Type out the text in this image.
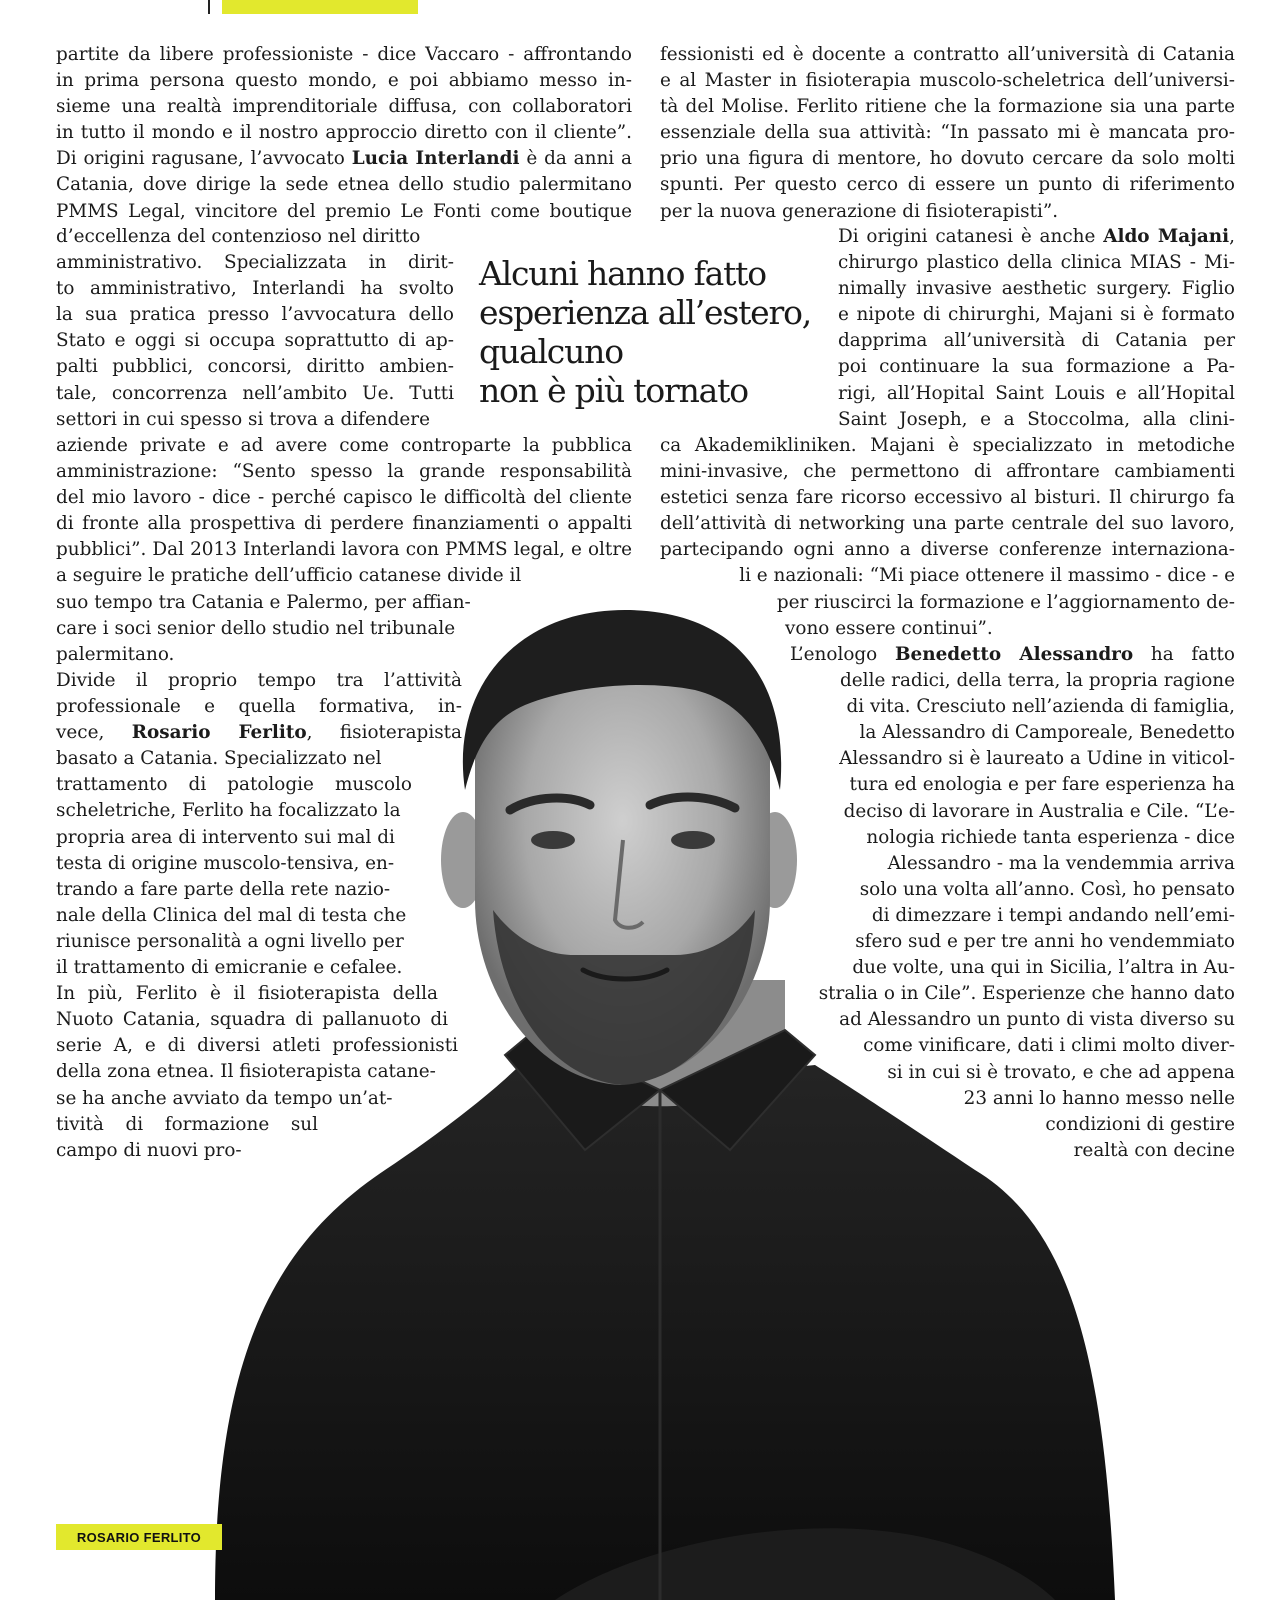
partite da libere professioniste - dice Vaccaro - affrontando
in prima persona questo mondo, e poi abbiamo messo in-
sieme una realtà imprenditoriale diffusa, con collaboratori
in tutto il mondo e il nostro approccio diretto con il cliente”.
Di origini ragusane, l’avvocato Lucia Interlandi è da anni a
Catania, dove dirige la sede etnea dello studio palermitano
PMMS Legal, vincitore del premio Le Fonti come boutique
d’eccellenza del contenzioso nel diritto
amministrativo. Specializzata in dirit-
to amministrativo, Interlandi ha svolto
la sua pratica presso l’avvocatura dello
Stato e oggi si occupa soprattutto di ap-
palti pubblici, concorsi, diritto ambien-
tale, concorrenza nell’ambito Ue. Tutti
settori in cui spesso si trova a difendere
aziende private e ad avere come controparte la pubblica
amministrazione: “Sento spesso la grande responsabilità
del mio lavoro - dice - perché capisco le difficoltà del cliente
di fronte alla prospettiva di perdere finanziamenti o appalti
pubblici”. Dal 2013 Interlandi lavora con PMMS legal, e oltre
a seguire le pratiche dell’ufficio catanese divide il
suo tempo tra Catania e Palermo, per affian-
care i soci senior dello studio nel tribunale
palermitano.
Divide il proprio tempo tra l’attività
professionale e quella formativa, in-
vece, Rosario Ferlito, fisioterapista
basato a Catania. Specializzato nel
trattamento di patologie muscolo
scheletriche, Ferlito ha focalizzato la
propria area di intervento sui mal di
testa di origine muscolo-tensiva, en-
trando a fare parte della rete nazio-
nale della Clinica del mal di testa che
riunisce personalità a ogni livello per
il trattamento di emicranie e cefalee.
In più, Ferlito è il fisioterapista della
Nuoto Catania, squadra di pallanuoto di
serie A, e di diversi atleti professionisti
della zona etnea. Il fisioterapista catane-
se ha anche avviato da tempo un’at-
tività di formazione sul
campo di nuovi pro-
fessionisti ed è docente a contratto all’università di Catania
e al Master in fisioterapia muscolo-scheletrica dell’universi-
tà del Molise. Ferlito ritiene che la formazione sia una parte
essenziale della sua attività: “In passato mi è mancata pro-
prio una figura di mentore, ho dovuto cercare da solo molti
spunti. Per questo cerco di essere un punto di riferimento
per la nuova generazione di fisioterapisti”.
Di origini catanesi è anche Aldo Majani,
chirurgo plastico della clinica MIAS - Mi-
nimally invasive aesthetic surgery. Figlio
e nipote di chirurghi, Majani si è formato
dapprima all’università di Catania per
poi continuare la sua formazione a Pa-
rigi, all’Hopital Saint Louis e all’Hopital
Saint Joseph, e a Stoccolma, alla clini-
ca Akademikliniken. Majani è specializzato in metodiche
mini-invasive, che permettono di affrontare cambiamenti
estetici senza fare ricorso eccessivo al bisturi. Il chirurgo fa
dell’attività di networking una parte centrale del suo lavoro,
partecipando ogni anno a diverse conferenze internaziona-
li e nazionali: “Mi piace ottenere il massimo - dice - e
per riuscirci la formazione e l’aggiornamento de-
vono essere continui”.
L’enologo Benedetto Alessandro ha fatto
delle radici, della terra, la propria ragione
di vita. Cresciuto nell’azienda di famiglia,
la Alessandro di Camporeale, Benedetto
Alessandro si è laureato a Udine in viticol-
tura ed enologia e per fare esperienza ha
deciso di lavorare in Australia e Cile. “L’e-
nologia richiede tanta esperienza - dice
Alessandro - ma la vendemmia arriva
solo una volta all’anno. Così, ho pensato
di dimezzare i tempi andando nell’emi-
sfero sud e per tre anni ho vendemmiato
due volte, una qui in Sicilia, l’altra in Au-
stralia o in Cile”. Esperienze che hanno dato
ad Alessandro un punto di vista diverso su
come vinificare, dati i climi molto diver-
si in cui si è trovato, e che ad appena
23 anni lo hanno messo nelle
condizioni di gestire
realtà con decine
Alcuni hanno fatto
esperienza all’estero,
qualcuno
non è più tornato
ROSARIO FERLITO
